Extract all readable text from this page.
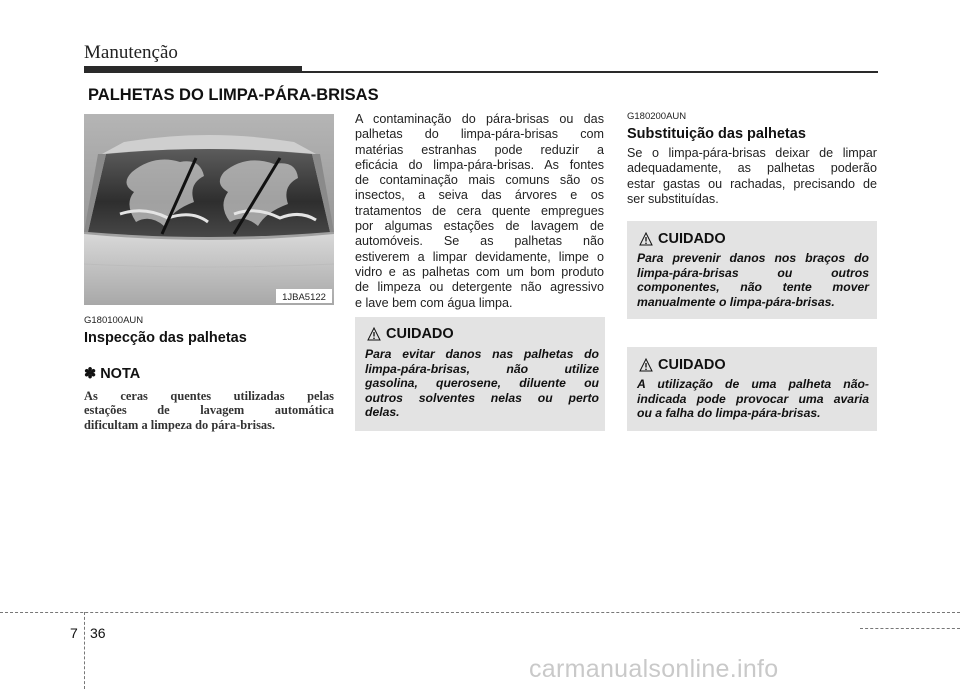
Manutenção
PALHETAS DO LIMPA-PÁRA-BRISAS
1JBA5122
G180100AUN
Inspecção das palhetas
✽ NOTA
As ceras quentes utilizadas pelas
estações de lavagem automática
dificultam a limpeza do pára-brisas.
A contaminação do pára-brisas ou das
palhetas do limpa-pára-brisas com
matérias estranhas pode reduzir a
eficácia do limpa-pára-brisas. As fontes
de contaminação mais comuns são os
insectos, a seiva das árvores e os
tratamentos de cera quente empregues
por algumas estações de lavagem de
automóveis. Se as palhetas não
estiverem a limpar devidamente, limpe o
vidro e as palhetas com um bom produto
de limpeza ou detergente não agressivo
e lave bem com água limpa.
CUIDADO
Para evitar danos nas palhetas do
limpa-pára-brisas, não utilize
gasolina, querosene, diluente ou
outros solventes nelas ou perto
delas.
G180200AUN
Substituição das palhetas
Se o limpa-pára-brisas deixar de limpar
adequadamente, as palhetas poderão
estar gastas ou rachadas, precisando de
ser substituídas.
CUIDADO
Para prevenir danos nos braços do
limpa-pára-brisas ou outros
componentes, não tente mover
manualmente o limpa-pára-brisas.
CUIDADO
A utilização de uma palheta não-
indicada pode provocar uma avaria
ou a falha do limpa-pára-brisas.
7 36
carmanualsonline.info
